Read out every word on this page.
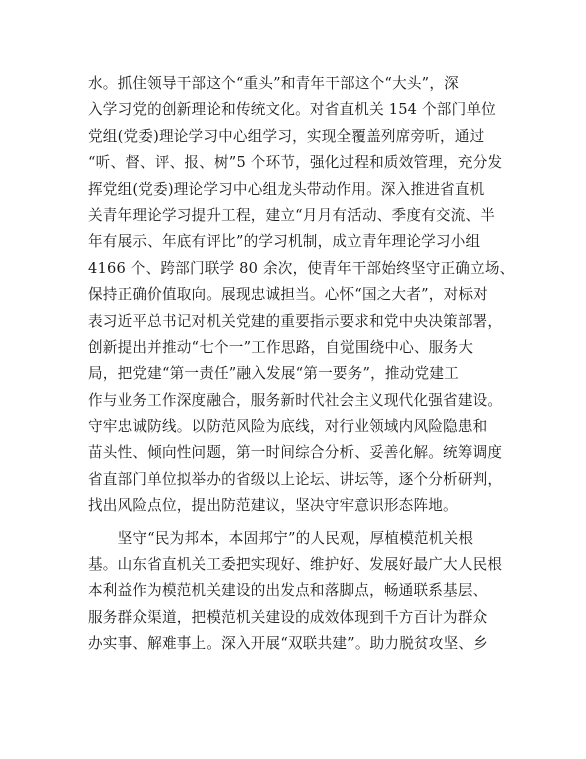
水。抓住领导干部这个“重头”和青年干部这个“大头”，深
入学习党的创新理论和传统文化。对省直机关 154 个部门单位
党组(党委)理论学习中心组学习，实现全覆盖列席旁听，通过
“听、督、评、报、树”5 个环节，强化过程和质效管理，充分发
挥党组(党委)理论学习中心组龙头带动作用。深入推进省直机
关青年理论学习提升工程，建立“月月有活动、季度有交流、半
年有展示、年底有评比”的学习机制，成立青年理论学习小组
4166 个、跨部门联学 80 余次，使青年干部始终坚守正确立场、
保持正确价值取向。展现忠诚担当。心怀“国之大者”，对标对
表习近平总书记对机关党建的重要指示要求和党中央决策部署，
创新提出并推动“七个一”工作思路，自觉围绕中心、服务大
局，把党建“第一责任”融入发展“第一要务”，推动党建工
作与业务工作深度融合，服务新时代社会主义现代化强省建设。
守牢忠诚防线。以防范风险为底线，对行业领域内风险隐患和
苗头性、倾向性问题，第一时间综合分析、妥善化解。统筹调度
省直部门单位拟举办的省级以上论坛、讲坛等，逐个分析研判，
找出风险点位，提出防范建议，坚决守牢意识形态阵地。
　　坚守“民为邦本，本固邦宁”的人民观，厚植模范机关根
基。山东省直机关工委把实现好、维护好、发展好最广大人民根
本利益作为模范机关建设的出发点和落脚点，畅通联系基层、
服务群众渠道，把模范机关建设的成效体现到千方百计为群众
办实事、解难事上。深入开展“双联共建”。助力脱贫攻坚、乡
